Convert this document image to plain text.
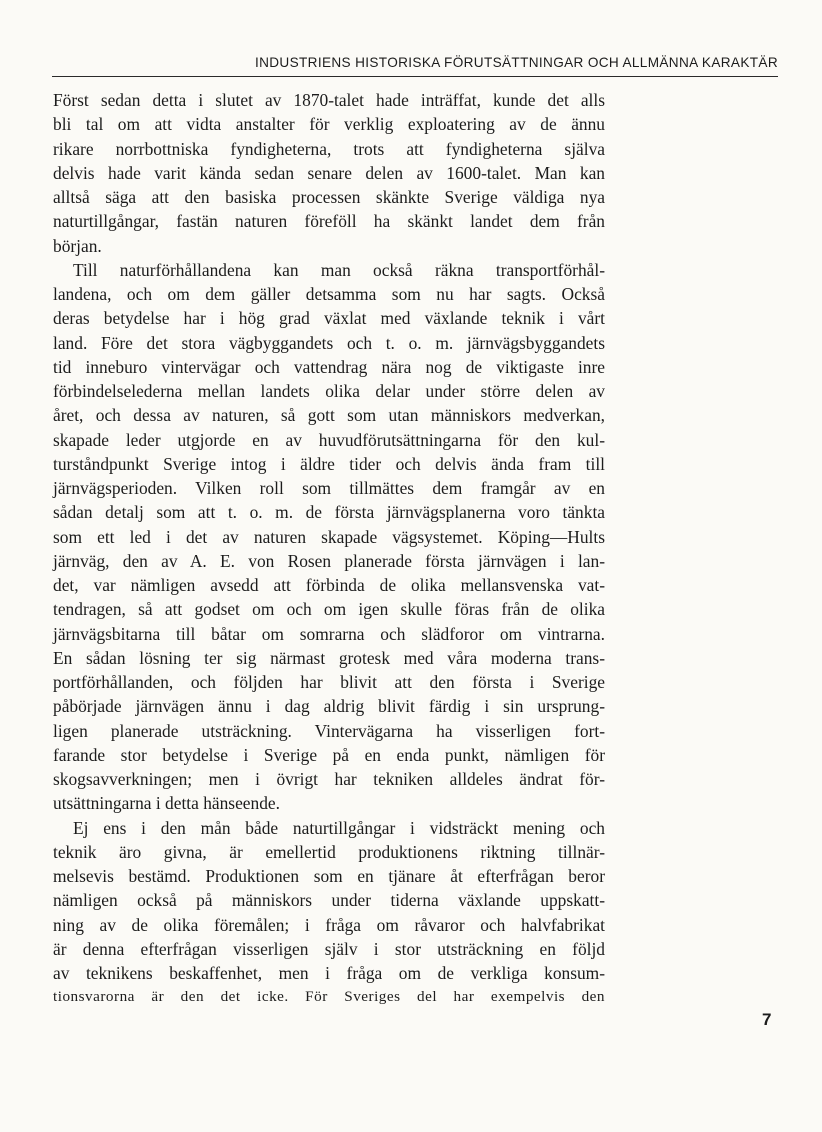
INDUSTRIENS HISTORISKA FÖRUTSÄTTNINGAR OCH ALLMÄNNA KARAKTÄR
Först sedan detta i slutet av 1870-talet hade inträffat, kunde det alls
bli tal om att vidta anstalter för verklig exploatering av de ännu
rikare norrbottniska fyndigheterna, trots att fyndigheterna själva
delvis hade varit kända sedan senare delen av 1600-talet. Man kan
alltså säga att den basiska processen skänkte Sverige väldiga nya
naturtillgångar, fastän naturen föreföll ha skänkt landet dem från
början.
Till naturförhållandena kan man också räkna transportförhål-
landena, och om dem gäller detsamma som nu har sagts. Också
deras betydelse har i hög grad växlat med växlande teknik i vårt
land. Före det stora vägbyggandets och t. o. m. järnvägsbyggandets
tid inneburo vintervägar och vattendrag nära nog de viktigaste inre
förbindelselederna mellan landets olika delar under större delen av
året, och dessa av naturen, så gott som utan människors medverkan,
skapade leder utgjorde en av huvudförutsättningarna för den kul-
turståndpunkt Sverige intog i äldre tider och delvis ända fram till
järnvägsperioden. Vilken roll som tillmättes dem framgår av en
sådan detalj som att t. o. m. de första järnvägsplanerna voro tänkta
som ett led i det av naturen skapade vägsystemet. Köping—Hults
järnväg, den av A. E. von Rosen planerade första järnvägen i lan-
det, var nämligen avsedd att förbinda de olika mellansvenska vat-
tendragen, så att godset om och om igen skulle föras från de olika
järnvägsbitarna till båtar om somrarna och slädforor om vintrarna.
En sådan lösning ter sig närmast grotesk med våra moderna trans-
portförhållanden, och följden har blivit att den första i Sverige
påbörjade järnvägen ännu i dag aldrig blivit färdig i sin ursprung-
ligen planerade utsträckning. Vintervägarna ha visserligen fort-
farande stor betydelse i Sverige på en enda punkt, nämligen för
skogsavverkningen; men i övrigt har tekniken alldeles ändrat för-
utsättningarna i detta hänseende.
Ej ens i den mån både naturtillgångar i vidsträckt mening och
teknik äro givna, är emellertid produktionens riktning tillnär-
melsevis bestämd. Produktionen som en tjänare åt efterfrågan beror
nämligen också på människors under tiderna växlande uppskatt-
ning av de olika föremålen; i fråga om råvaror och halvfabrikat
är denna efterfrågan visserligen själv i stor utsträckning en följd
av teknikens beskaffenhet, men i fråga om de verkliga konsum-
tionsvarorna är den det icke. För Sveriges del har exempelvis den
7
